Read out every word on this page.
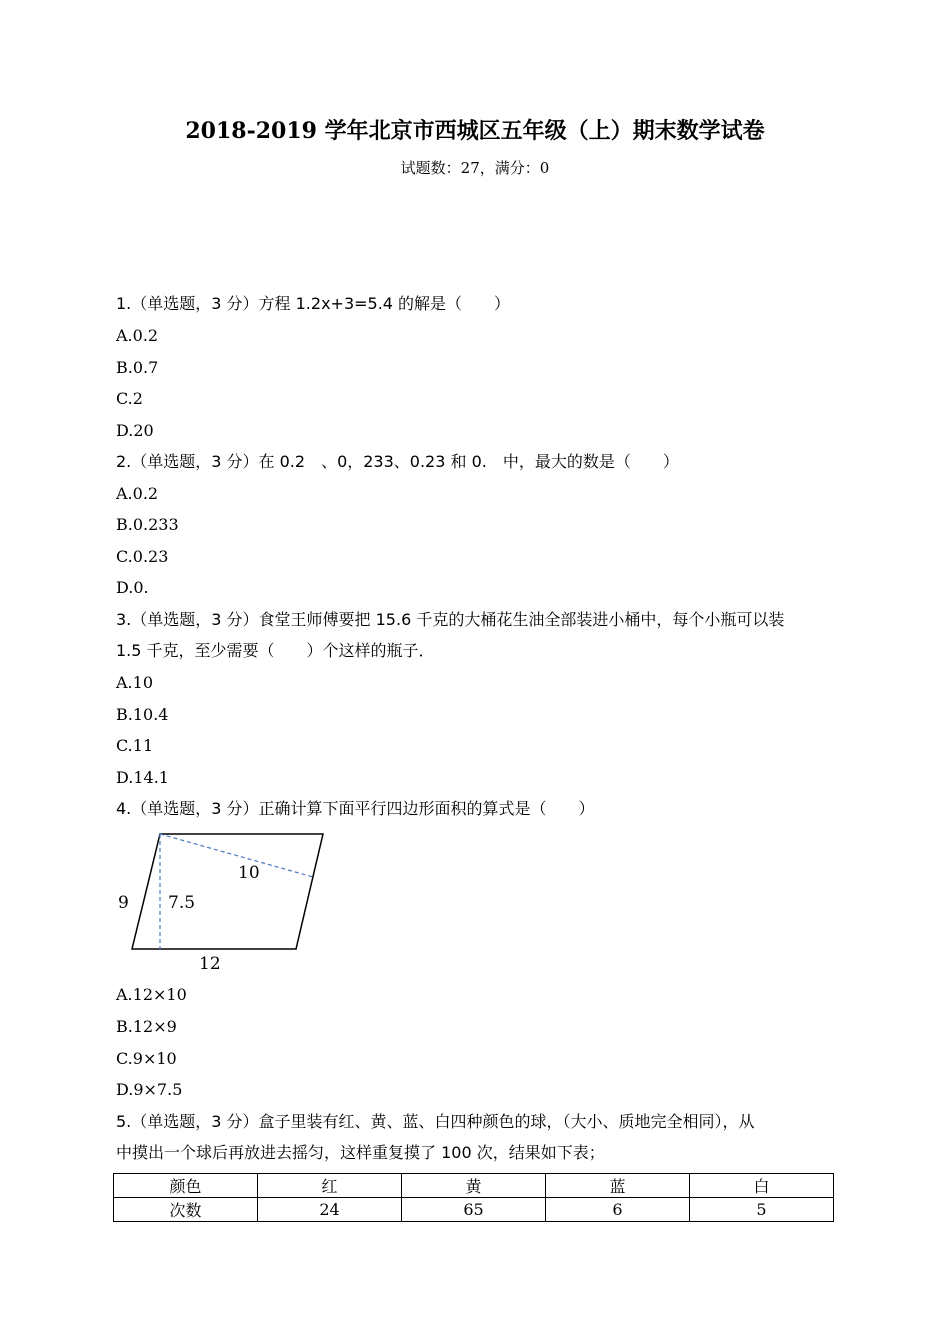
2018-2019 学年北京市西城区五年级（上）期末数学试卷
试题数：27，满分：0
1.（单选题，3 分）方程 1.2x+3=5.4 的解是（　　）
A.0.2
B.0.7
C.2
D.20
2.（单选题，3 分）在 0.2　、0，233、0.23 和 0.　中，最大的数是（　　）
A.0.2
B.0.233
C.0.23
D.0.
3.（单选题，3 分）食堂王师傅要把 15.6 千克的大桶花生油全部装进小桶中，每个小瓶可以装
1.5 千克，至少需要（　　）个这样的瓶子．
A.10
B.10.4
C.11
D.14.1
4.（单选题，3 分）正确计算下面平行四边形面积的算式是（　　）
9 7.5
10
12
A.12×10
B.12×9
C.9×10
D.9×7.5
5.（单选题，3 分）盒子里装有红、黄、蓝、白四种颜色的球，（大小、质地完全相同），从
中摸出一个球后再放进去摇匀，这样重复摸了 100 次，结果如下表；
颜色	红	黄	蓝	白
次数	24	65	6	5
